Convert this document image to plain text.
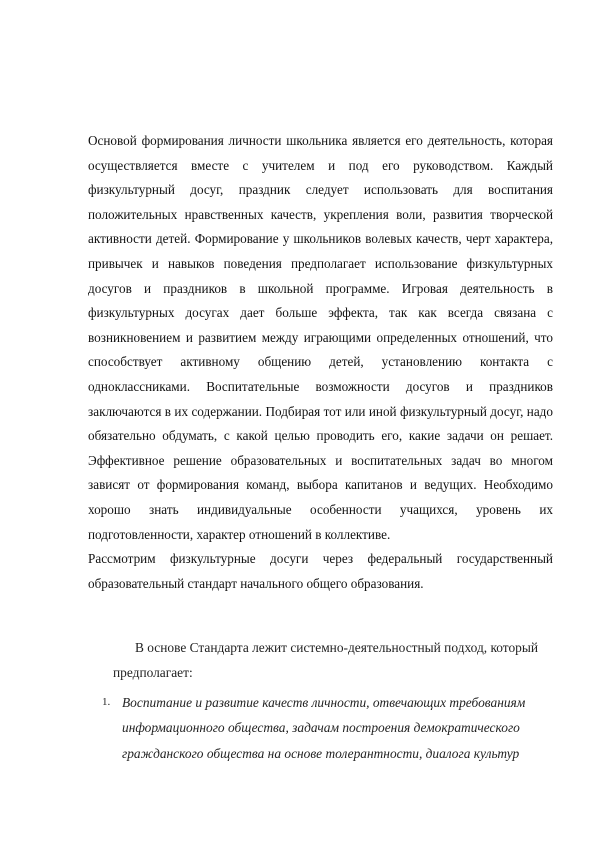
Основой формирования личности школьника является его деятельность, которая осуществляется вместе с учителем и под его руководством. Каждый физкультурный досуг, праздник следует использовать для воспитания положительных нравственных качеств, укрепления воли, развития творческой активности детей. Формирование у школьников волевых качеств, черт характера, привычек и навыков поведения предполагает использование физкультурных досугов и праздников в школьной программе. Игровая деятельность в физкультурных досугах дает больше эффекта, так как всегда связана с возникновением и развитием между играющими определенных отношений, что способствует активному общению детей, установлению контакта с одноклассниками. Воспитательные возможности досугов и праздников заключаются в их содержании. Подбирая тот или иной физкультурный досуг, надо обязательно обдумать, с какой целью проводить его, какие задачи он решает. Эффективное решение образовательных и воспитательных задач во многом зависят от формирования команд, выбора капитанов и ведущих. Необходимо хорошо знать индивидуальные особенности учащихся, уровень их подготовленности, характер отношений в коллективе.

Рассмотрим физкультурные досуги через федеральный государственный образовательный стандарт начального общего образования.

В основе Стандарта лежит системно-деятельностный подход, который предполагает:

1. Воспитание и развитие качеств личности, отвечающих требованиям информационного общества, задачам построения демократического гражданского общества на основе толерантности, диалога культур
